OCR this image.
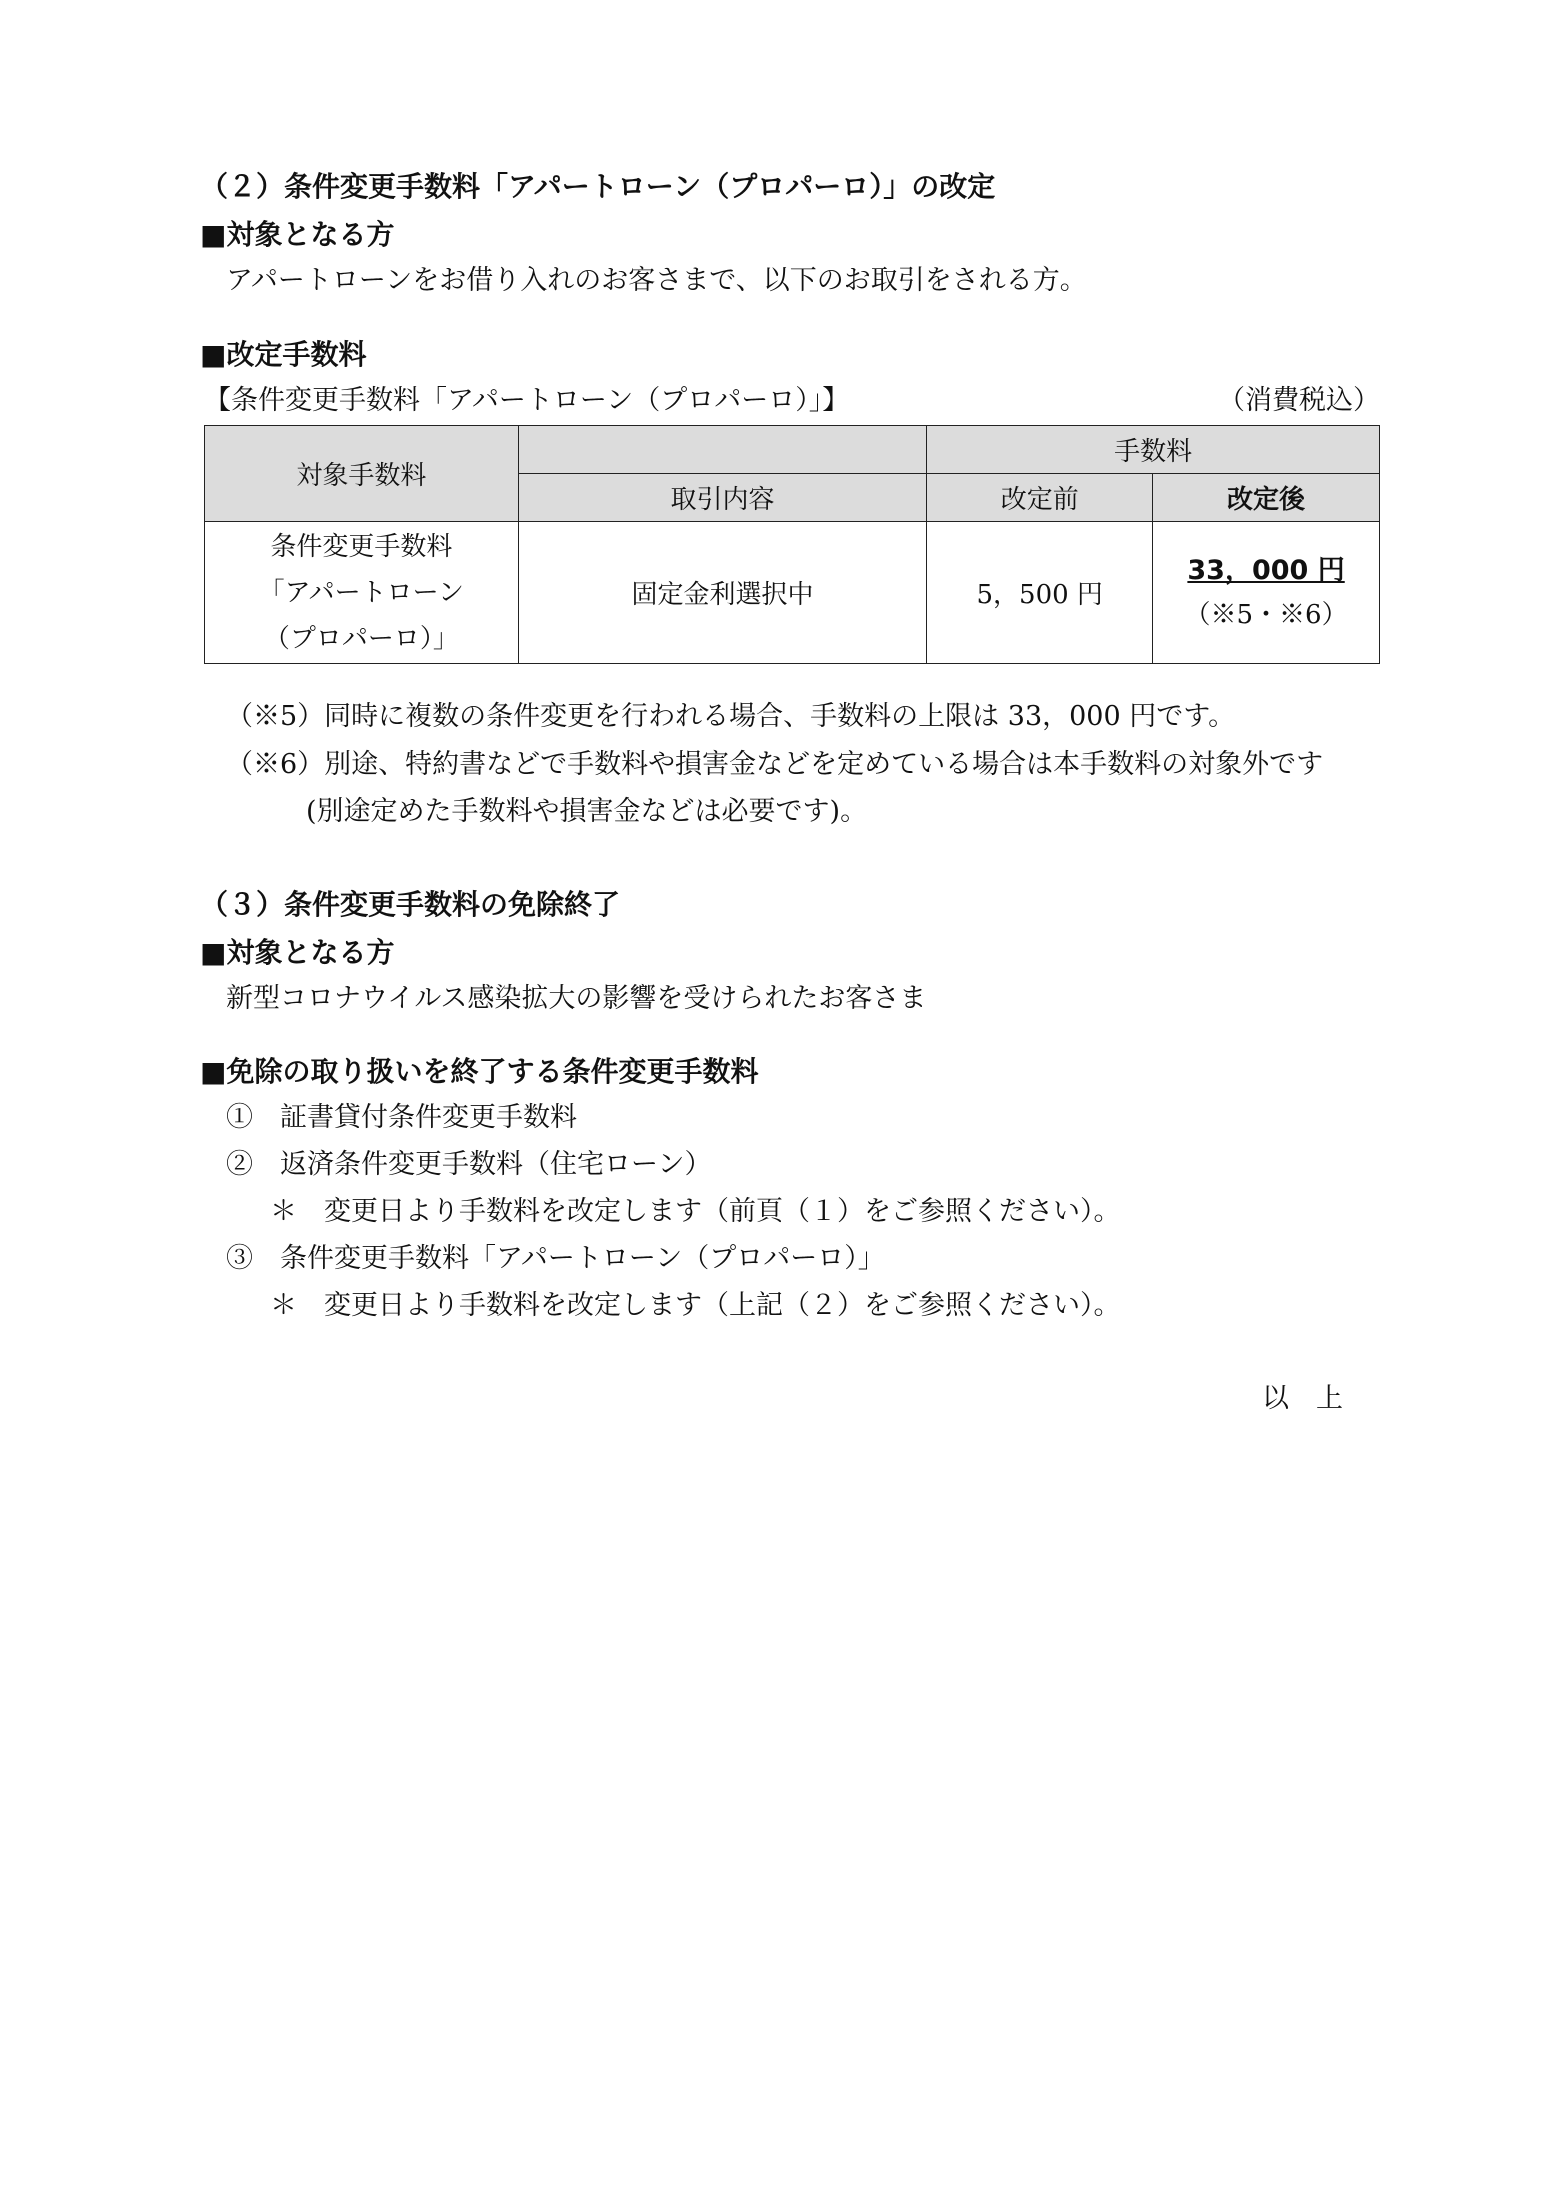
（２）条件変更手数料「アパートローン（プロパーロ）」の改定
■対象となる方
アパートローンをお借り入れのお客さまで、以下のお取引をされる方。
■改定手数料
【条件変更手数料「アパートローン（プロパーロ）」】	（消費税込）
対象手数料		手数料	
	取引内容	改定前	改定後

条件変更手数料
「アパートローン
（プロパーロ）」	固定金利選択中	5，500 円	33，000 円
（※5・※6）
（※5）同時に複数の条件変更を行われる場合、手数料の上限は 33，000 円です。
（※6）別途、特約書などで手数料や損害金などを定めている場合は本手数料の対象外です
(別途定めた手数料や損害金などは必要です)。
（３）条件変更手数料の免除終了
■対象となる方
新型コロナウイルス感染拡大の影響を受けられたお客さま
■免除の取り扱いを終了する条件変更手数料
①　証書貸付条件変更手数料
②　返済条件変更手数料（住宅ローン）
＊　変更日より手数料を改定します（前頁（１）をご参照ください）。
③　条件変更手数料「アパートローン（プロパーロ）」
＊　変更日より手数料を改定します（上記（２）をご参照ください）。
以　上
